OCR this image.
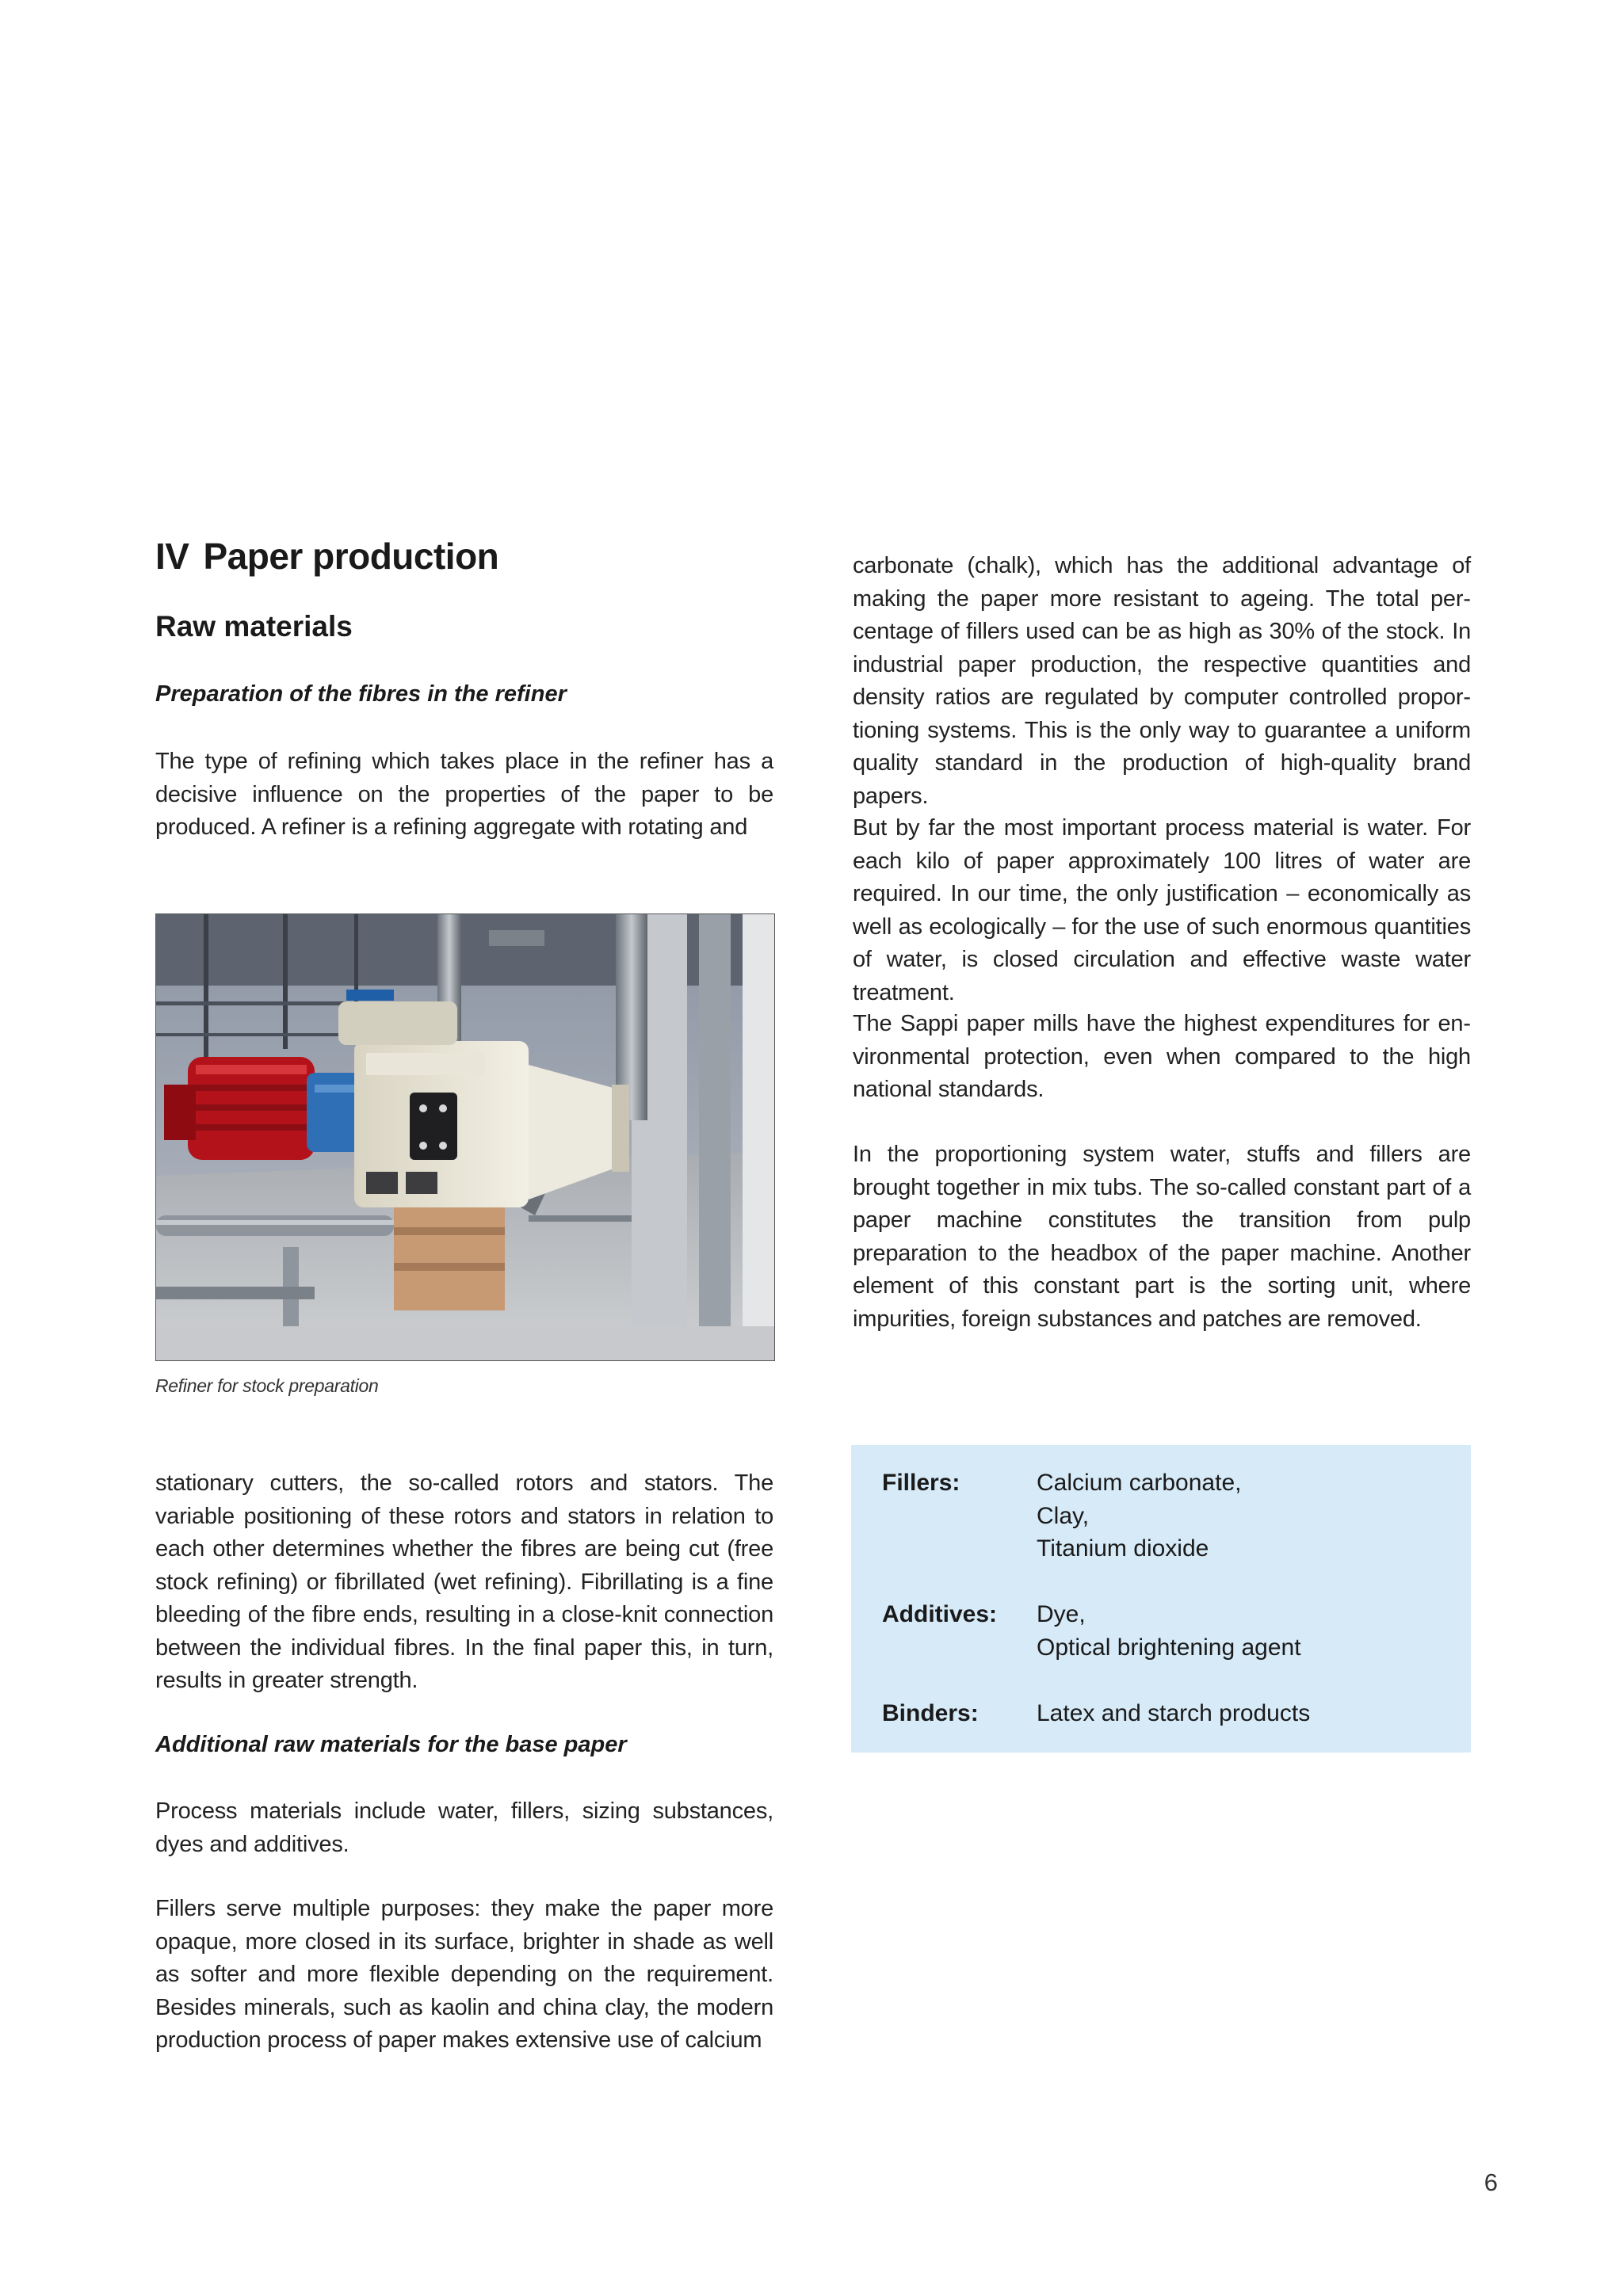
IV Paper production
Raw materials
Preparation of the fibres in the refiner

The type of refining which takes place in the refiner has a decisive influence on the properties of the paper to be produced. A refiner is a refining aggregate with rotating and

Refiner for stock preparation

stationary cutters, the so-called rotors and stators. The variable positioning of these rotors and stators in relation to each other determines whether the fibres are being cut (free stock refining) or fibrillated (wet refining). Fibrillating is a fine bleeding of the fibre ends, resulting in a close-knit connection between the individual fibres. In the final paper this, in turn, results in greater strength.

Additional raw materials for the base paper

Process materials include water, fillers, sizing substances, dyes and additives.

Fillers serve multiple purposes: they make the paper more opaque, more closed in its surface, brighter in shade as well as softer and more flexible depending on the requirement. Besides minerals, such as kaolin and china clay, the modern production process of paper makes extensive use of calcium

carbonate (chalk), which has the additional advantage of making the paper more resistant to ageing. The total percentage of fillers used can be as high as 30% of the stock. In industrial paper production, the respective quantities and density ratios are regulated by computer controlled proportioning systems. This is the only way to guarantee a uniform quality standard in the production of high-quality brand papers.

But by far the most important process material is water. For each kilo of paper approximately 100 litres of water are required. In our time, the only justification – economically as well as ecologically – for the use of such enormous quantities of water, is closed circulation and effective waste water treatment.

The Sappi paper mills have the highest expenditures for environmental protection, even when compared to the high national standards.

In the proportioning system water, stuffs and fillers are brought together in mix tubs. The so-called constant part of a paper machine constitutes the transition from pulp preparation to the headbox of the paper machine. Another element of this constant part is the sorting unit, where impurities, foreign substances and patches are removed.

Fillers:	Calcium carbonate,
Clay,
Titanium dioxide
Additives:	Dye,
Optical brightening agent
Binders:	Latex and starch products
6
